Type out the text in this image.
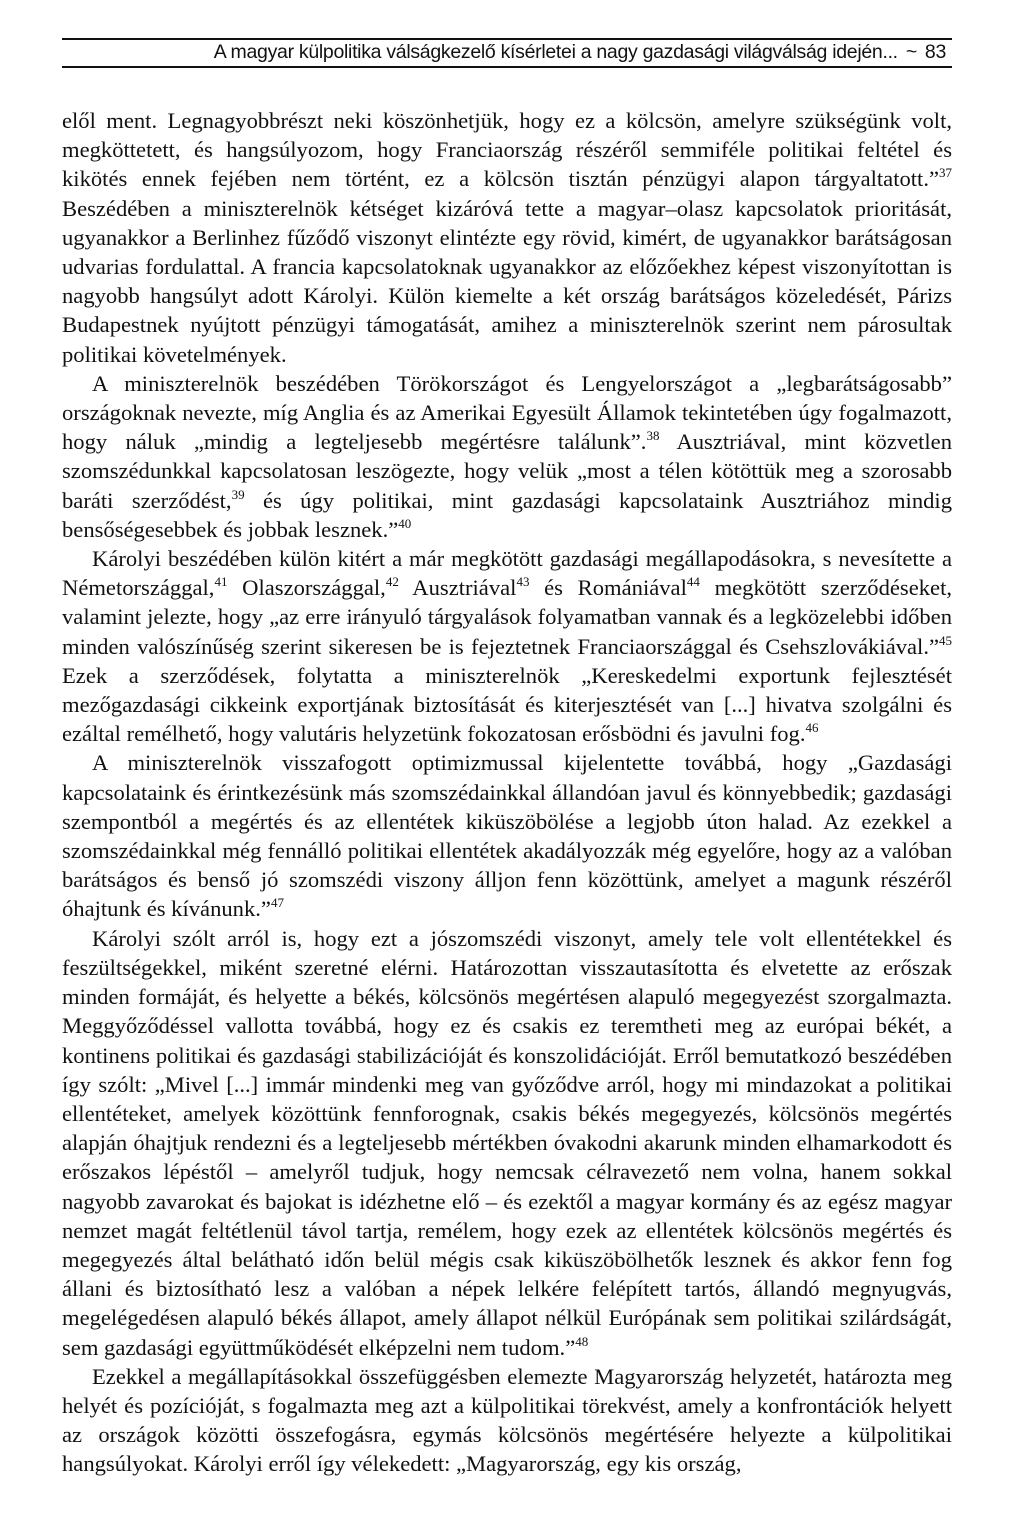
A magyar külpolitika válságkezelő kísérletei a nagy gazdasági világválság idején... ~ 83

elől ment. Legnagyobbrészt neki köszönhetjük, hogy ez a kölcsön, amelyre szükségünk volt, megköttetett, és hangsúlyozom, hogy Franciaország részéről semmiféle politikai feltétel és kikötés ennek fejében nem történt, ez a kölcsön tisztán pénzügyi alapon tárgyaltatott.”$^{37}$ Beszédében a miniszterelnök kétséget kizáróvá tette a magyar–olasz kapcsolatok prioritását, ugyanakkor a Berlinhez fűződő viszonyt elintézte egy rövid, kimért, de ugyanakkor barátságosan udvarias fordulattal. A francia kapcsolatoknak ugyanakkor az előzőekhez képest viszonyítottan is nagyobb hangsúlyt adott Károlyi. Külön kiemelte a két ország barátságos közeledését, Párizs Budapestnek nyújtott pénzügyi támogatását, amihez a miniszterelnök szerint nem párosultak politikai követelmények.

A miniszterelnök beszédében Törökországot és Lengyelországot a „legbarátságosabb” országoknak nevezte, míg Anglia és az Amerikai Egyesült Államok tekintetében úgy fogalmazott, hogy náluk „mindig a legteljesebb megértésre találunk”.$^{38}$ Ausztriával, mint közvetlen szomszédunkkal kapcsolatosan leszögezte, hogy velük „most a télen kötöttük meg a szorosabb baráti szerződést,$^{39}$ és úgy politikai, mint gazdasági kapcsolataink Ausztriához mindig bensőségesebbek és jobbak lesznek.”$^{40}$

Károlyi beszédében külön kitért a már megkötött gazdasági megállapodásokra, s nevesítette a Németországgal,$^{41}$ Olaszországgal,$^{42}$ Ausztriával$^{43}$ és Romániával$^{44}$ megkötött szerződéseket, valamint jelezte, hogy „az erre irányuló tárgyalások folyamatban vannak és a legközelebbi időben minden valószínűség szerint sikeresen be is fejeztetnek Franciaországgal és Csehszlovákiával.”$^{45}$ Ezek a szerződések, folytatta a miniszterelnök „Kereskedelmi exportunk fejlesztését mezőgazdasági cikkeink exportjának biztosítását és kiterjesztését van [...] hivatva szolgálni és ezáltal remélhető, hogy valutáris helyzetünk fokozatosan erősbödni és javulni fog.$^{46}$

A miniszterelnök visszafogott optimizmussal kijelentette továbbá, hogy „Gazdasági kapcsolataink és érintkezésünk más szomszédainkkal állandóan javul és könnyebbedik; gazdasági szempontból a megértés és az ellentétek kiküszöbölése a legjobb úton halad. Az ezekkel a szomszédainkkal még fennálló politikai ellentétek akadályozzák még egyelőre, hogy az a valóban barátságos és benső jó szomszédi viszony álljon fenn közöttünk, amelyet a magunk részéről óhajtunk és kívánunk.”$^{47}$

Károlyi szólt arról is, hogy ezt a jószomszédi viszonyt, amely tele volt ellentétekkel és feszültségekkel, miként szeretné elérni. Határozottan visszautasította és elvetette az erőszak minden formáját, és helyette a békés, kölcsönös megértésen alapuló megegyezést szorgalmazta. Meggyőződéssel vallotta továbbá, hogy ez és csakis ez teremtheti meg az európai békét, a kontinens politikai és gazdasági stabilizációját és konszolidációját. Erről bemutatkozó beszédében így szólt: „Mivel [...] immár mindenki meg van győződve arról, hogy mi mindazokat a politikai ellentéteket, amelyek közöttünk fennforognak, csakis békés megegyezés, kölcsönös megértés alapján óhajtjuk rendezni és a legteljesebb mértékben óvakodni akarunk minden elhamarkodott és erőszakos lépéstől – amelyről tudjuk, hogy nemcsak célravezető nem volna, hanem sokkal nagyobb zavarokat és bajokat is idézhetne elő – és ezektől a magyar kormány és az egész magyar nemzet magát feltétlenül távol tartja, remélem, hogy ezek az ellentétek kölcsönös megértés és megegyezés által belátható időn belül mégis csak kiküszöbölhetők lesznek és akkor fenn fog állani és biztosítható lesz a valóban a népek lelkére felépített tartós, állandó megnyugvás, megelégedésen alapuló békés állapot, amely állapot nélkül Európának sem politikai szilárdságát, sem gazdasági együttműködését elképzelni nem tudom.”$^{48}$

Ezekkel a megállapításokkal összefüggésben elemezte Magyarország helyzetét, határozta meg helyét és pozícióját, s fogalmazta meg azt a külpolitikai törekvést, amely a konfrontációk helyett az országok közötti összefogásra, egymás kölcsönös megértésére helyezte a külpolitikai hangsúlyokat. Károlyi erről így vélekedett: „Magyarország, egy kis ország,
